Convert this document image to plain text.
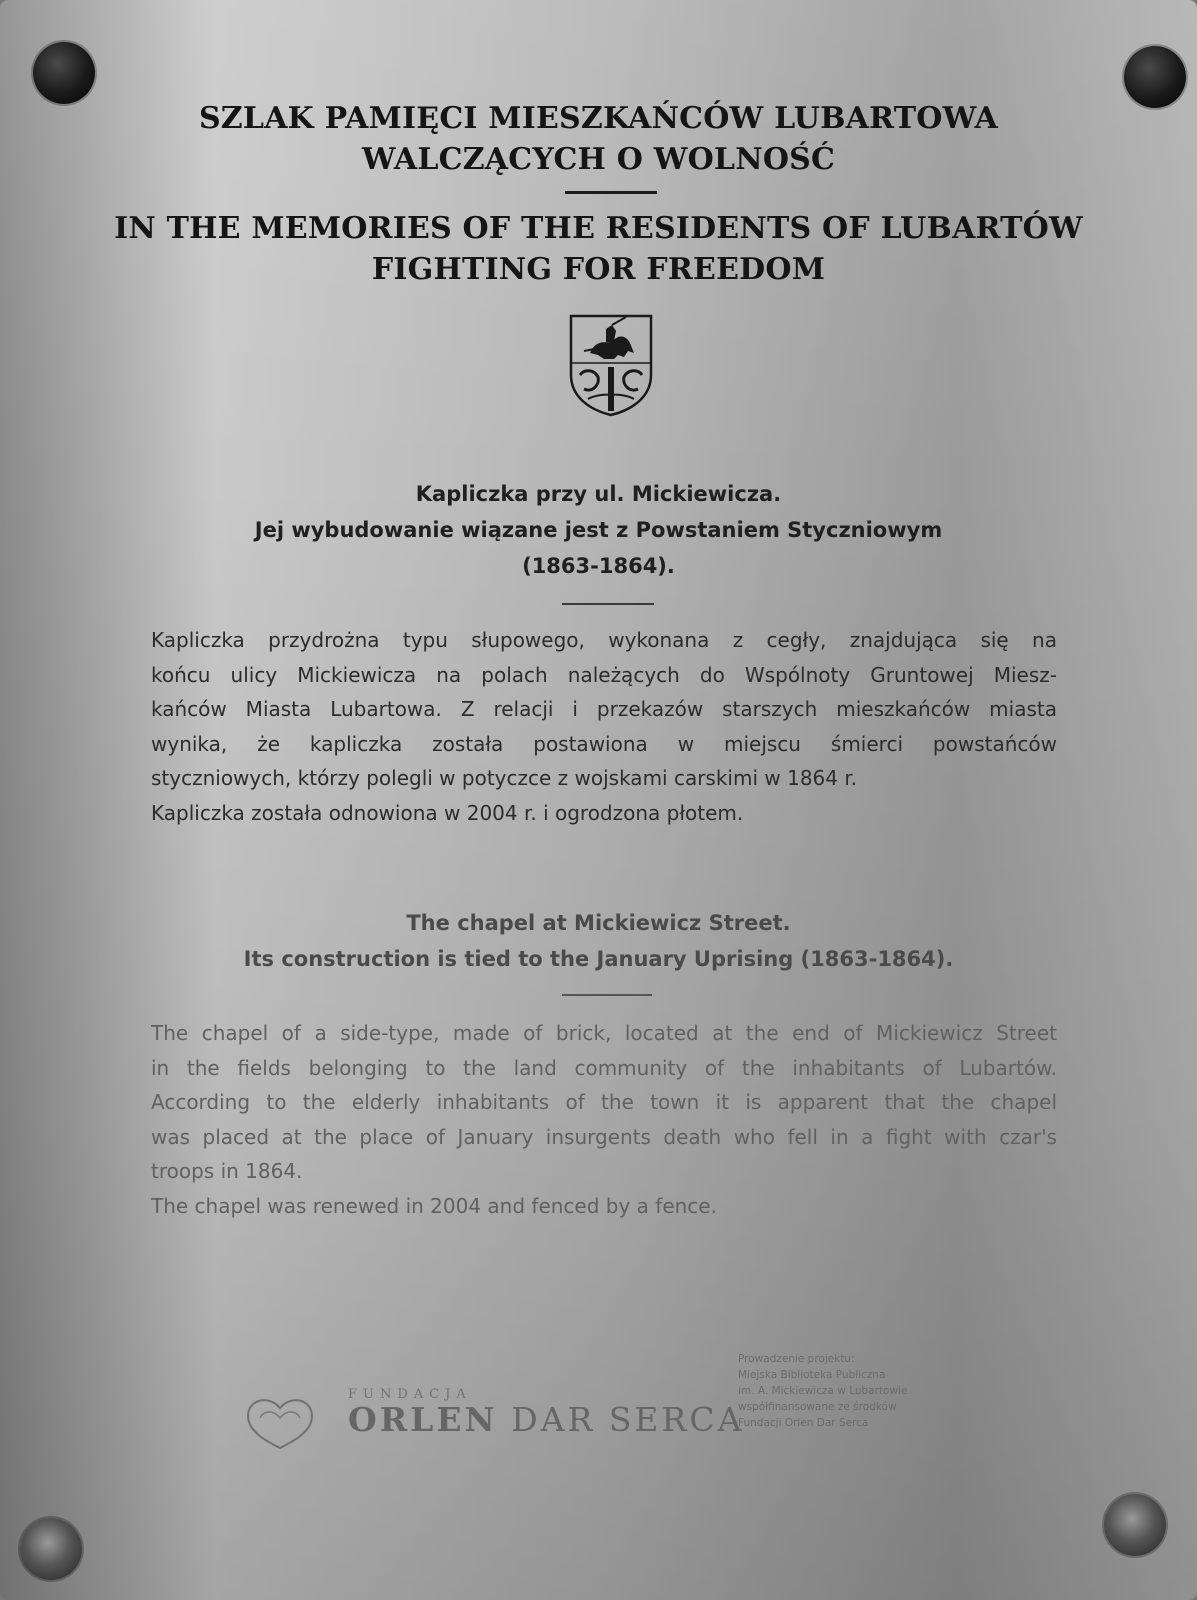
SZLAK PAMIĘCI MIESZKAŃCÓW LUBARTOWA
WALCZĄCYCH O WOLNOŚĆ
IN THE MEMORIES OF THE RESIDENTS OF LUBARTÓW
FIGHTING FOR FREEDOM
Kapliczka przy ul. Mickiewicza.
Jej wybudowanie wiązane jest z Powstaniem Styczniowym
(1863-1864).
Kapliczka przydrożna typu słupowego, wykonana z cegły, znajdująca się na
końcu ulicy Mickiewicza na polach należących do Wspólnoty Gruntowej Miesz-
kańców Miasta Lubartowa. Z relacji i przekazów starszych mieszkańców miasta
wynika, że kapliczka została postawiona w miejscu śmierci powstańców
styczniowych, którzy polegli w potyczce z wojskami carskimi w 1864 r.
Kapliczka została odnowiona w 2004 r. i ogrodzona płotem.
The chapel at Mickiewicz Street.
Its construction is tied to the January Uprising (1863-1864).
The chapel of a side-type, made of brick, located at the end of Mickiewicz Street
in the fields belonging to the land community of the inhabitants of Lubartów.
According to the elderly inhabitants of the town it is apparent that the chapel
was placed at the place of January insurgents death who fell in a fight with czar's
troops in 1864.
The chapel was renewed in 2004 and fenced by a fence.
FUNDACJA
ORLEN DAR SERCA
Prowadzenie projektu:
Miejska Biblioteka Publiczna
im. A. Mickiewicza w Lubartowie
współfinansowane ze środków
Fundacji Orlen Dar Serca
